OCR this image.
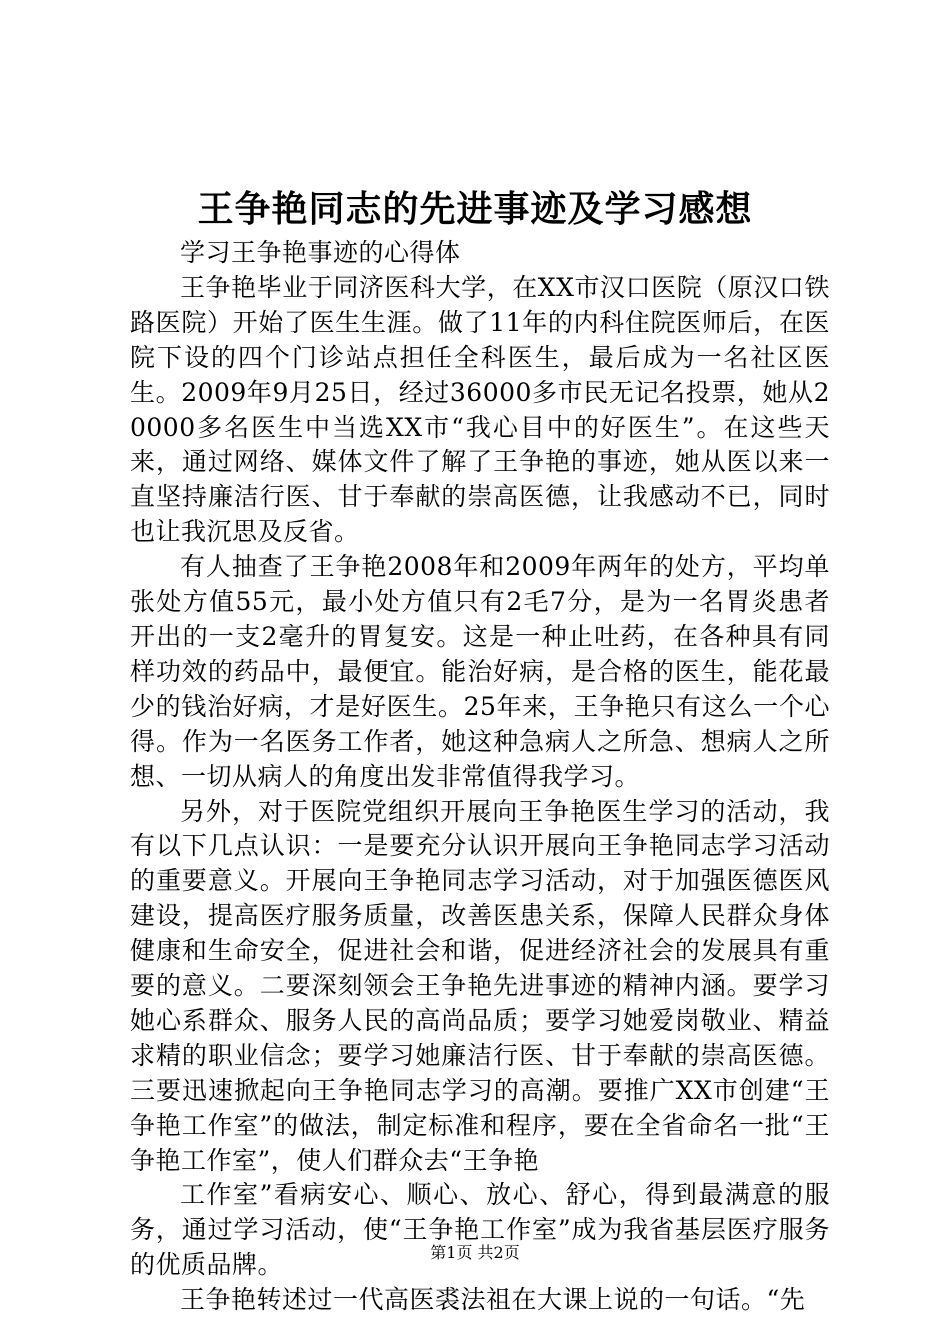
王争艳同志的先进事迹及学习感想

学习王争艳事迹的心得体

王争艳毕业于同济医科大学，在XX市汉口医院（原汉口铁路医院）开始了医生生涯。做了11年的内科住院医师后，在医院下设的四个门诊站点担任全科医生，最后成为一名社区医生。2009年9月25日，经过36000多市民无记名投票，她从20000多名医生中当选XX市“我心目中的好医生”。在这些天来，通过网络、媒体文件了解了王争艳的事迹，她从医以来一直坚持廉洁行医、甘于奉献的崇高医德，让我感动不已，同时也让我沉思及反省。

有人抽查了王争艳2008年和2009年两年的处方，平均单张处方值55元，最小处方值只有2毛7分，是为一名胃炎患者开出的一支2毫升的胃复安。这是一种止吐药，在各种具有同样功效的药品中，最便宜。能治好病，是合格的医生，能花最少的钱治好病，才是好医生。25年来，王争艳只有这么一个心得。作为一名医务工作者，她这种急病人之所急、想病人之所想、一切从病人的角度出发非常值得我学习。

另外，对于医院党组织开展向王争艳医生学习的活动，我有以下几点认识：一是要充分认识开展向王争艳同志学习活动的重要意义。开展向王争艳同志学习活动，对于加强医德医风建设，提高医疗服务质量，改善医患关系，保障人民群众身体健康和生命安全，促进社会和谐，促进经济社会的发展具有重要的意义。二要深刻领会王争艳先进事迹的精神内涵。要学习她心系群众、服务人民的高尚品质；要学习她爱岗敬业、精益求精的职业信念；要学习她廉洁行医、甘于奉献的崇高医德。三要迅速掀起向王争艳同志学习的高潮。要推广XX市创建“王争艳工作室”的做法，制定标准和程序，要在全省命名一批“王争艳工作室”，使人们群众去“王争艳

工作室”看病安心、顺心、放心、舒心，得到最满意的服务，通过学习活动，使“王争艳工作室”成为我省基层医疗服务的优质品牌。

王争艳转述过一代高医裘法祖在大课上说的一句话。“先

第1页 共2页
